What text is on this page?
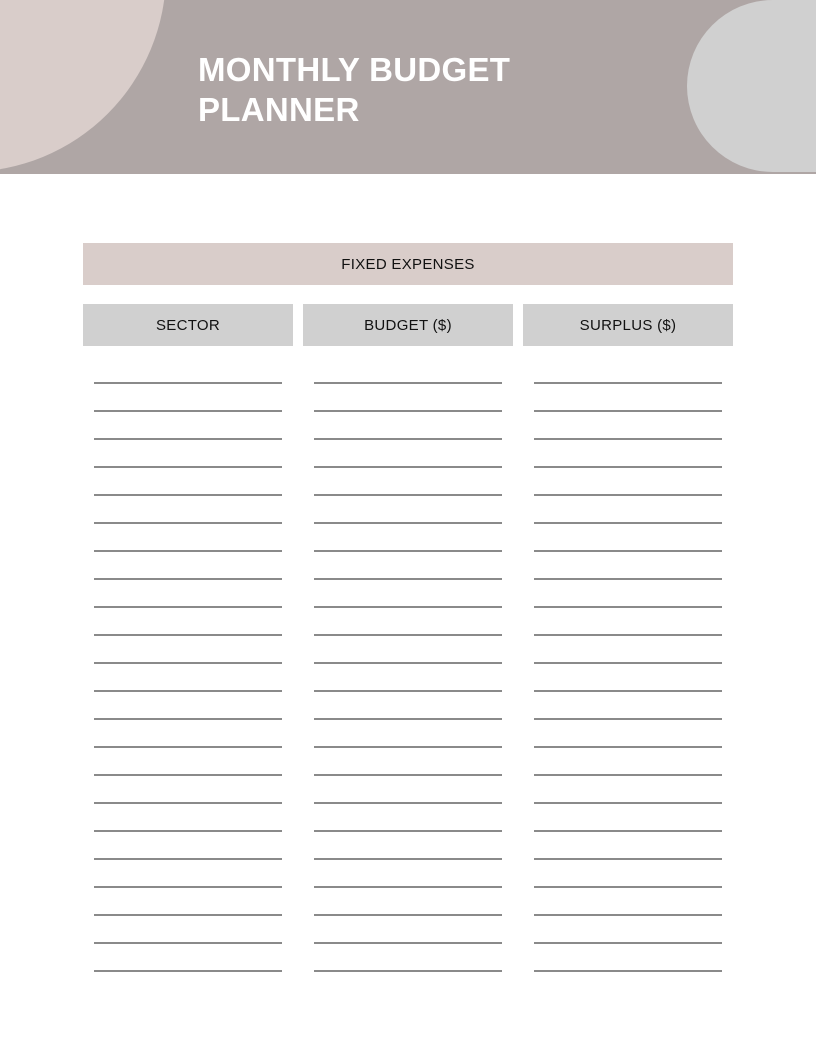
MONTHLY BUDGET
PLANNER
FIXED EXPENSES
SECTOR	BUDGET ($)	SURPLUS ($)
